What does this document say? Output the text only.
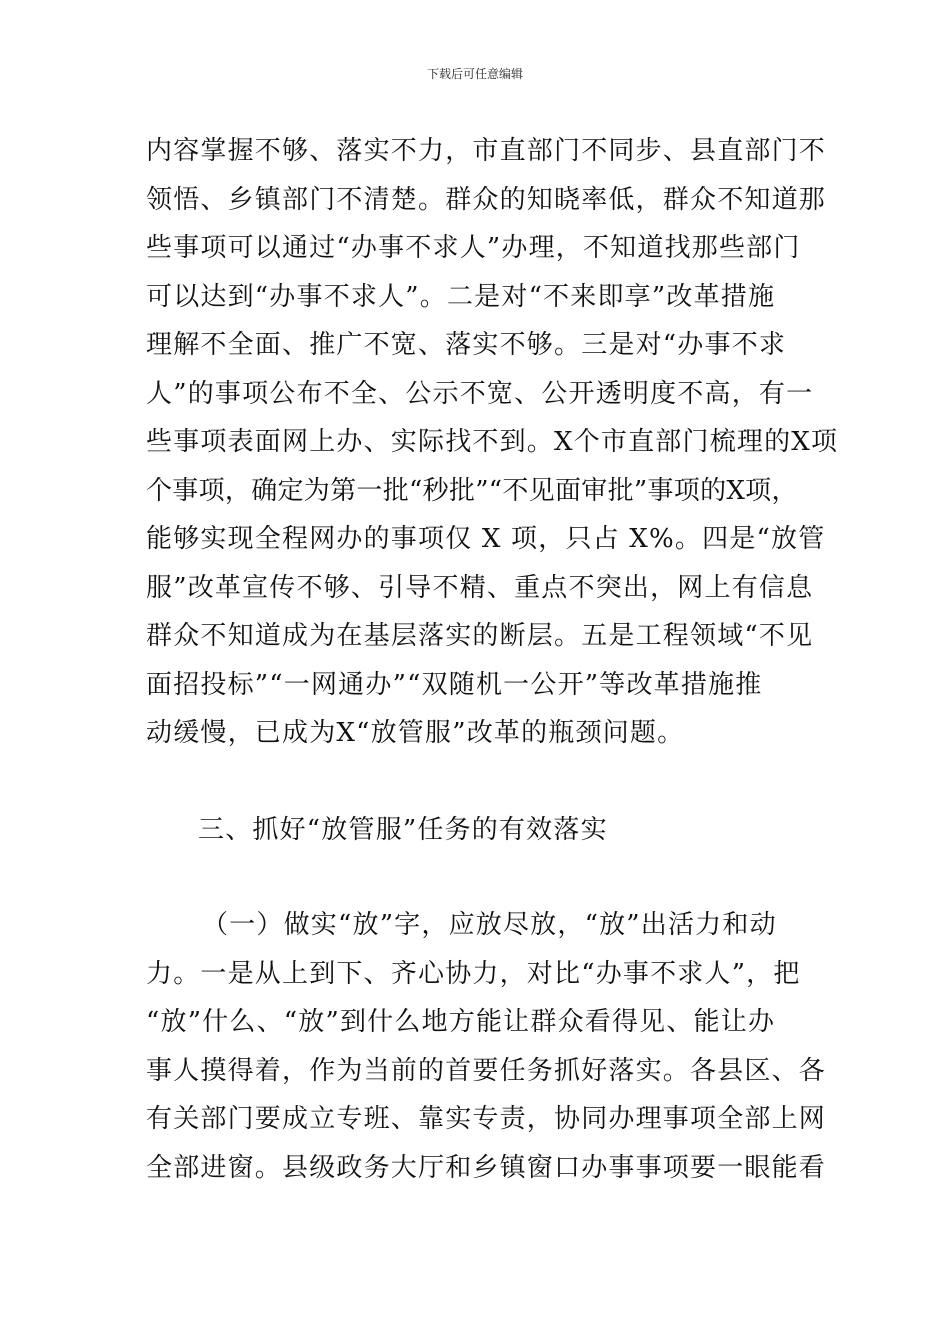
下载后可任意编辑
内容掌握不够、落实不力，市直部门不同步、县直部门不
领悟、乡镇部门不清楚。群众的知晓率低，群众不知道那
些事项可以通过“办事不求人”办理，不知道找那些部门
可以达到“办事不求人”。二是对“不来即享”改革措施
理解不全面、推广不宽、落实不够。三是对“办事不求
人”的事项公布不全、公示不宽、公开透明度不高，有一
些事项表面网上办、实际找不到。X个市直部门梳理的X项
个事项，确定为第一批“秒批”“不见面审批”事项的X项，
能够实现全程网办的事项仅 X 项，只占 X%。四是“放管
服”改革宣传不够、引导不精、重点不突出，网上有信息
群众不知道成为在基层落实的断层。五是工程领域“不见
面招投标”“一网通办”“双随机一公开”等改革措施推
动缓慢，已成为X“放管服”改革的瓶颈问题。
三、抓好“放管服”任务的有效落实
（一）做实“放”字，应放尽放，“放”出活力和动
力。一是从上到下、齐心协力，对比“办事不求人”，把
“放”什么、“放”到什么地方能让群众看得见、能让办
事人摸得着，作为当前的首要任务抓好落实。各县区、各
有关部门要成立专班、靠实专责，协同办理事项全部上网
全部进窗。县级政务大厅和乡镇窗口办事事项要一眼能看
